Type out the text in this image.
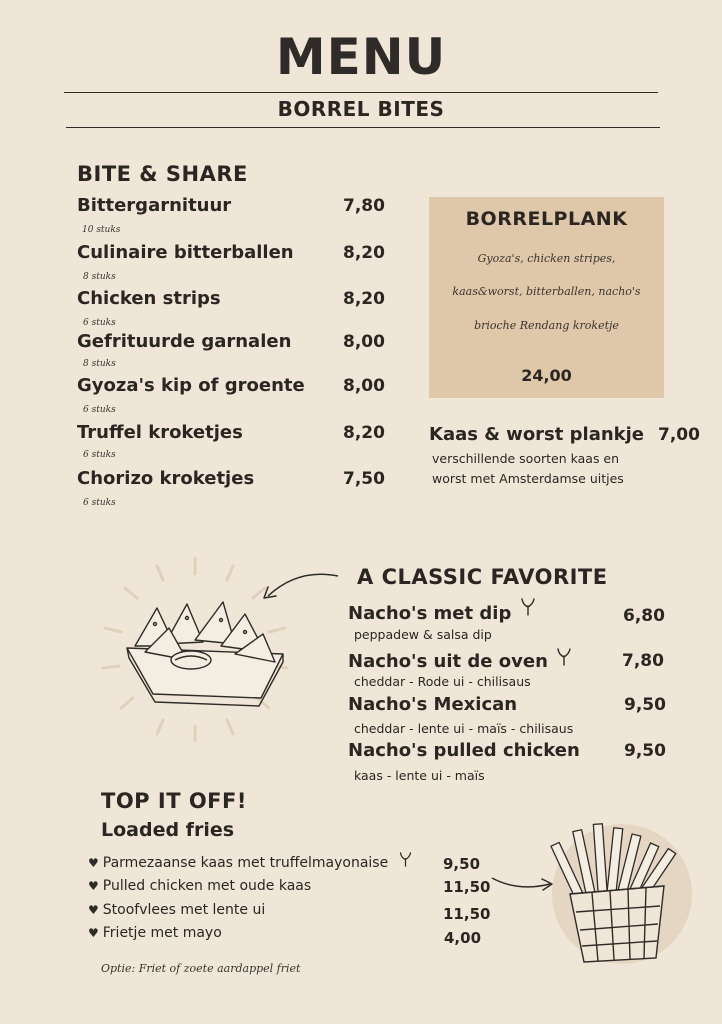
MENU
BORREL BITES
BITE & SHARE
Bittergarnituur	7,80
10 stuks
Culinaire bitterballen	8,20
8 stuks
Chicken strips	8,20
6 stuks
Gefrituurde garnalen	8,00
8 stuks
Gyoza's kip of groente 8,00
6 stuks
Truffel kroketjes	8,20
6 stuks
Chorizo kroketjes	7,50
6 stuks
BORRELPLANK
Gyoza's, chicken stripes,
kaas&worst, bitterballen, nacho's
brioche Rendang kroketje
24,00
Kaas & worst plankje 7,00
verschillende soorten kaas en
worst met Amsterdamse uitjes
A CLASSIC FAVORITE
Nacho's met dip	6,80
peppadew & salsa dip
Nacho's uit de oven	7,80
cheddar - Rode ui - chilisaus
Nacho's Mexican	9,50
cheddar - lente ui - maïs - chilisaus
Nacho's pulled chicken	9,50
kaas - lente ui - maïs
TOP IT OFF!
Loaded fries
♥ Parmezaanse kaas met truffelmayonaise	9,50
♥ Pulled chicken met oude kaas	11,50
♥ Stoofvlees met lente ui	11,50
♥ Frietje met mayo	4,00
Optie: Friet of zoete aardappel friet
